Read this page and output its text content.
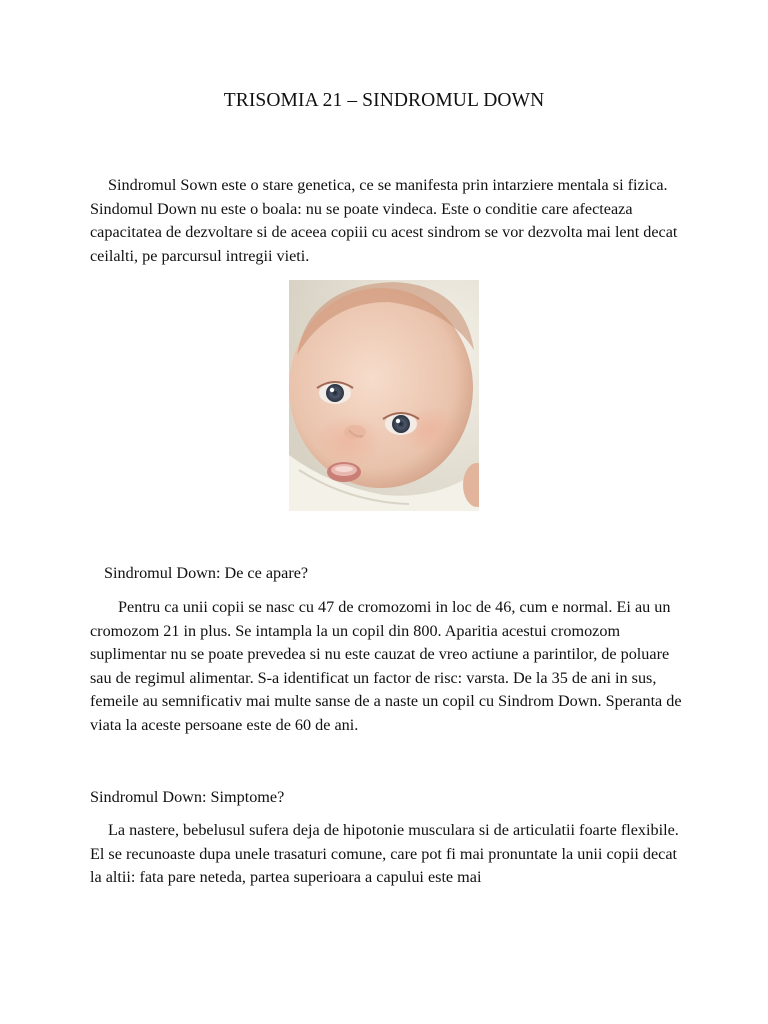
TRISOMIA 21 – SINDROMUL DOWN

Sindromul Sown este o stare genetica, ce se manifesta prin intarziere mentala si fizica. Sindomul Down nu este o boala: nu se poate vindeca. Este o conditie care afecteaza capacitatea de dezvoltare si de aceea copiii cu acest sindrom se vor dezvolta mai lent decat ceilalti, pe parcursul intregii vieti.

Sindromul Down: De ce apare?

Pentru ca unii copii se nasc cu 47 de cromozomi in loc de 46, cum e normal. Ei au un cromozom 21 in plus. Se intampla la un copil din 800. Aparitia acestui cromozom suplimentar nu se poate prevedea si nu este cauzat de vreo actiune a parintilor, de poluare sau de regimul alimentar. S-a identificat un factor de risc: varsta. De la 35 de ani in sus, femeile au semnificativ mai multe sanse de a naste un copil cu Sindrom Down. Speranta de viata la aceste persoane este de 60 de ani.

Sindromul Down: Simptome?

La nastere, bebelusul sufera deja de hipotonie musculara si de articulatii foarte flexibile. El se recunoaste dupa unele trasaturi comune, care pot fi mai pronuntate la unii copii decat la altii: fata pare neteda, partea superioara a capului este mai
